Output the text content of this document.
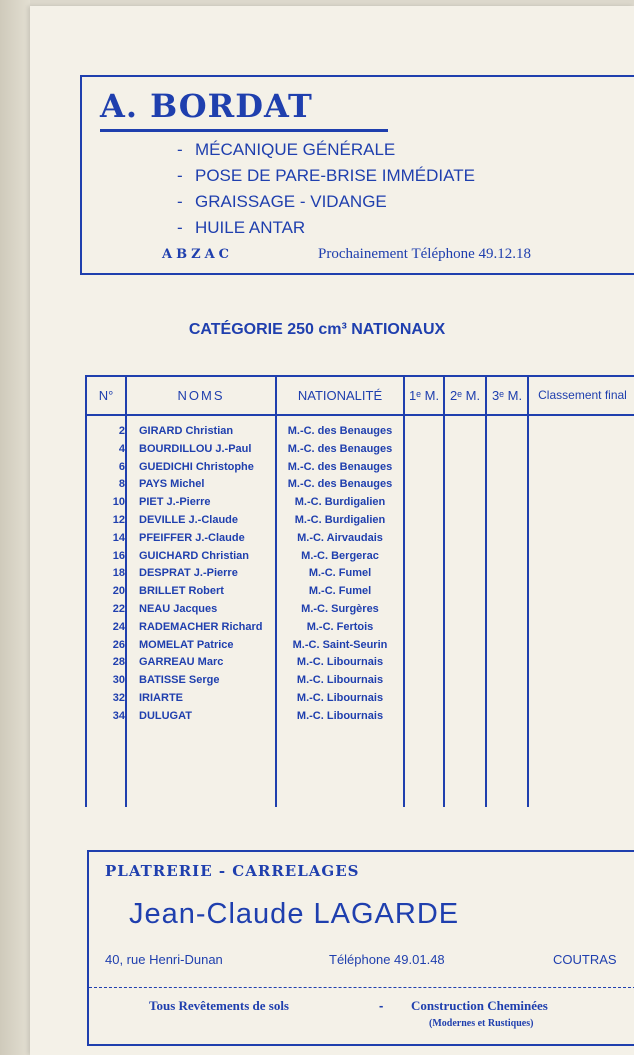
A. BORDAT
- MÉCANIQUE GÉNÉRALE
- POSE DE PARE-BRISE IMMÉDIATE
- GRAISSAGE - VIDANGE
- HUILE ANTAR
ABZAC	Prochainement Téléphone 49.12.18
CATÉGORIE 250 cm³ NATIONAUX
N°	NOMS	NATIONALITÉ	1ᵉ M. 2ᵉ M. 3ᵉ M.	Classement final
2 GIRARD Christian	M.-C. des Benauges
4 BOURDILLOU J.-Paul	M.-C. des Benauges
6 GUEDICHI Christophe	M.-C. des Benauges
8 PAYS Michel	M.-C. des Benauges
10 PIET J.-Pierre	M.-C. Burdigalien
12 DEVILLE J.-Claude	M.-C. Burdigalien
14 PFEIFFER J.-Claude	M.-C. Airvaudais
16 GUICHARD Christian	M.-C. Bergerac
18 DESPRAT J.-Pierre	M.-C. Fumel
20 BRILLET Robert	M.-C. Fumel
22 NEAU Jacques	M.-C. Surgères
24 RADEMACHER Richard	M.-C. Fertois
26 MOMELAT Patrice	M.-C. Saint-Seurin
28 GARREAU Marc	M.-C. Libournais
30 BATISSE Serge	M.-C. Libournais
32 IRIARTE	M.-C. Libournais
34 DULUGAT	M.-C. Libournais
PLATRERIE - CARRELAGES
Jean-Claude LAGARDE
40, rue Henri-Dunan	Téléphone 49.01.48	COUTRAS
Tous Revêtements de sols	- Construction Cheminées
(Modernes et Rustiques)
